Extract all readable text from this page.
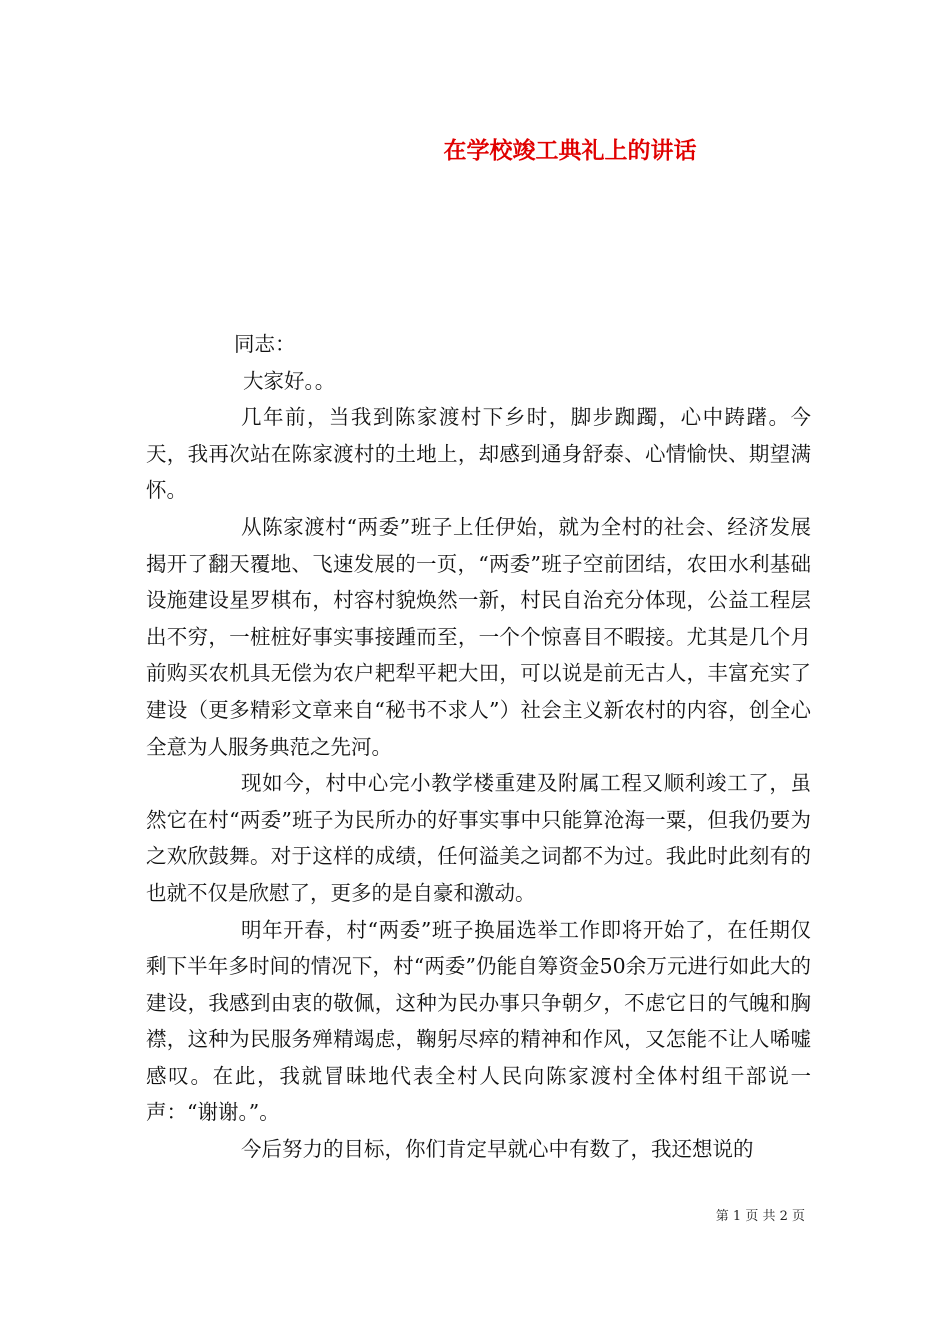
在学校竣工典礼上的讲话

同志：

大家好。。

几年前，当我到陈家渡村下乡时，脚步踟躅，心中踌躇。今天，我再次站在陈家渡村的土地上，却感到通身舒泰、心情愉快、期望满怀。

从陈家渡村“两委”班子上任伊始，就为全村的社会、经济发展揭开了翻天覆地、飞速发展的一页，“两委”班子空前团结，农田水利基础设施建设星罗棋布，村容村貌焕然一新，村民自治充分体现，公益工程层出不穷，一桩桩好事实事接踵而至，一个个惊喜目不暇接。尤其是几个月前购买农机具无偿为农户耙犁平耙大田，可以说是前无古人，丰富充实了建设（更多精彩文章来自“秘书不求人”）社会主义新农村的内容，创全心全意为人服务典范之先河。

现如今，村中心完小教学楼重建及附属工程又顺利竣工了，虽然它在村“两委”班子为民所办的好事实事中只能算沧海一粟，但我仍要为之欢欣鼓舞。对于这样的成绩，任何溢美之词都不为过。我此时此刻有的也就不仅是欣慰了，更多的是自豪和激动。

明年开春，村“两委”班子换届选举工作即将开始了，在任期仅剩下半年多时间的情况下，村“两委”仍能自筹资金50余万元进行如此大的建设，我感到由衷的敬佩，这种为民办事只争朝夕，不虑它日的气魄和胸襟，这种为民服务殚精竭虑，鞠躬尽瘁的精神和作风，又怎能不让人唏嘘感叹。在此，我就冒昧地代表全村人民向陈家渡村全体村组干部说一声：“谢谢。”。

今后努力的目标，你们肯定早就心中有数了，我还想说的

第 1 页 共 2 页
